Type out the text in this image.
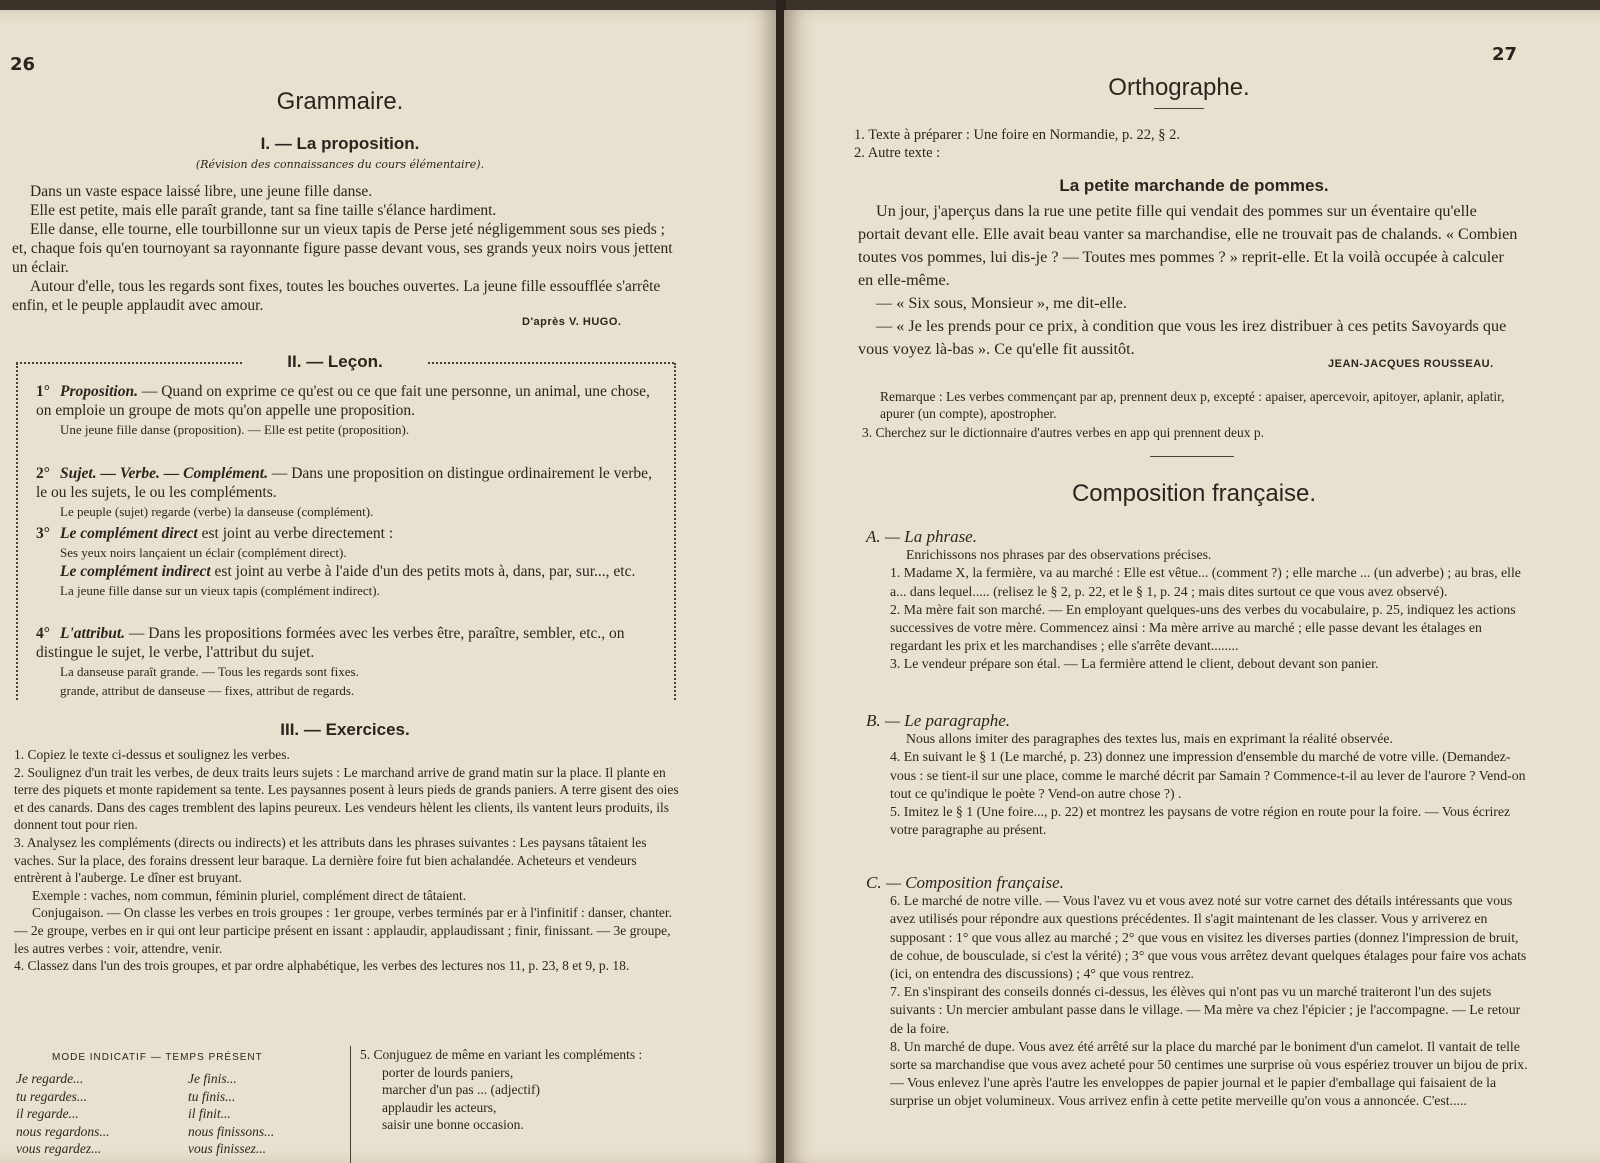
26
Grammaire.
I. — La proposition.
(Révision des connaissances du cours élémentaire).

Dans un vaste espace laissé libre, une jeune fille danse.

Elle est petite, mais elle paraît grande, tant sa fine taille s'élance hardiment.

Elle danse, elle tourne, elle tourbillonne sur un vieux tapis de Perse jeté négligemment sous ses pieds ; et, chaque fois qu'en tournoyant sa rayonnante figure passe devant vous, ses grands yeux noirs vous jettent un éclair.

Autour d'elle, tous les regards sont fixes, toutes les bouches ouvertes. La jeune fille essoufflée s'arrête enfin, et le peuple applaudit avec amour.

D'après V. HUGO.
II. — Leçon.
1° Proposition. — Quand on exprime ce qu'est ou ce que fait une personne, un animal, une chose, on emploie un groupe de mots qu'on appelle une proposition.
Une jeune fille danse (proposition). — Elle est petite (proposition).
2° Sujet. — Verbe. — Complément. — Dans une proposition on distingue ordinairement le verbe, le ou les sujets, le ou les compléments.
Le peuple (sujet) regarde (verbe) la danseuse (complément).
3° Le complément direct est joint au verbe directement :
Ses yeux noirs lançaient un éclair (complément direct).
Le complément indirect est joint au verbe à l'aide d'un des petits mots à, dans, par, sur..., etc.
La jeune fille danse sur un vieux tapis (complément indirect).
4° L'attribut. — Dans les propositions formées avec les verbes être, paraître, sembler, etc., on distingue le sujet, le verbe, l'attribut du sujet.
La danseuse paraît grande. — Tous les regards sont fixes.
grande, attribut de danseuse — fixes, attribut de regards.
III. — Exercices.

1. Copiez le texte ci-dessus et soulignez les verbes.

2. Soulignez d'un trait les verbes, de deux traits leurs sujets : Le marchand arrive de grand matin sur la place. Il plante en terre des piquets et monte rapidement sa tente. Les paysannes posent à leurs pieds de grands paniers. A terre gisent des oies et des canards. Dans des cages tremblent des lapins peureux. Les vendeurs hèlent les clients, ils vantent leurs produits, ils donnent tout pour rien.

3. Analysez les compléments (directs ou indirects) et les attributs dans les phrases suivantes : Les paysans tâtaient les vaches. Sur la place, des forains dressent leur baraque. La dernière foire fut bien achalandée. Acheteurs et vendeurs entrèrent à l'auberge. Le dîner est bruyant.

Exemple : vaches, nom commun, féminin pluriel, complément direct de tâtaient.

Conjugaison. — On classe les verbes en trois groupes : 1er groupe, verbes terminés par er à l'infinitif : danser, chanter. — 2e groupe, verbes en ir qui ont leur participe présent en issant : applaudir, applaudissant ; finir, finissant. — 3e groupe, les autres verbes : voir, attendre, venir.

4. Classez dans l'un des trois groupes, et par ordre alphabétique, les verbes des lectures nos 11, p. 23, 8 et 9, p. 18.

MODE INDICATIF — TEMPS PRÉSENT

Je regarde...

tu regardes...

il regarde...

nous regardons...

vous regardez...

Je finis...

tu finis...

il finit...

nous finissons...

vous finissez...

5. Conjuguez de même en variant les compléments :

porter de lourds paniers,

marcher d'un pas ... (adjectif)

applaudir les acteurs,

saisir une bonne occasion.

27
Orthographe.

1. Texte à préparer : Une foire en Normandie, p. 22, § 2.

2. Autre texte :

La petite marchande de pommes.

Un jour, j'aperçus dans la rue une petite fille qui vendait des pommes sur un éventaire qu'elle portait devant elle. Elle avait beau vanter sa marchandise, elle ne trouvait pas de chalands. « Combien toutes vos pommes, lui dis-je ? — Toutes mes pommes ? » reprit-elle. Et la voilà occupée à calculer en elle-même.

— « Six sous, Monsieur », me dit-elle.

— « Je les prends pour ce prix, à condition que vous les irez distribuer à ces petits Savoyards que vous voyez là-bas ». Ce qu'elle fit aussitôt.

JEAN-JACQUES ROUSSEAU.

Remarque : Les verbes commençant par ap, prennent deux p, excepté : apaiser, apercevoir, apitoyer, aplanir, aplatir, apurer (un compte), apostropher.

3. Cherchez sur le dictionnaire d'autres verbes en app qui prennent deux p.

Composition française.

A. — La phrase.

Enrichissons nos phrases par des observations précises.

1. Madame X, la fermière, va au marché : Elle est vêtue... (comment ?) ; elle marche ... (un adverbe) ; au bras, elle a... dans lequel..... (relisez le § 2, p. 22, et le § 1, p. 24 ; mais dites surtout ce que vous avez observé).

2. Ma mère fait son marché. — En employant quelques-uns des verbes du vocabulaire, p. 25, indiquez les actions successives de votre mère. Commencez ainsi : Ma mère arrive au marché ; elle passe devant les étalages en regardant les prix et les marchandises ; elle s'arrête devant........

3. Le vendeur prépare son étal. — La fermière attend le client, debout devant son panier.

B. — Le paragraphe.

Nous allons imiter des paragraphes des textes lus, mais en exprimant la réalité observée.

4. En suivant le § 1 (Le marché, p. 23) donnez une impression d'ensemble du marché de votre ville. (Demandez-vous : se tient-il sur une place, comme le marché décrit par Samain ? Commence-t-il au lever de l'aurore ? Vend-on tout ce qu'indique le poète ? Vend-on autre chose ?) .

5. Imitez le § 1 (Une foire..., p. 22) et montrez les paysans de votre région en route pour la foire. — Vous écrirez votre paragraphe au présent.

C. — Composition française.

6. Le marché de notre ville. — Vous l'avez vu et vous avez noté sur votre carnet des détails intéressants que vous avez utilisés pour répondre aux questions précédentes. Il s'agit maintenant de les classer. Vous y arriverez en supposant : 1° que vous allez au marché ; 2° que vous en visitez les diverses parties (donnez l'impression de bruit, de cohue, de bousculade, si c'est la vérité) ; 3° que vous vous arrêtez devant quelques étalages pour faire vos achats (ici, on entendra des discussions) ; 4° que vous rentrez.

7. En s'inspirant des conseils donnés ci-dessus, les élèves qui n'ont pas vu un marché traiteront l'un des sujets suivants : Un mercier ambulant passe dans le village. — Ma mère va chez l'épicier ; je l'accompagne. — Le retour de la foire.

8. Un marché de dupe. Vous avez été arrêté sur la place du marché par le boniment d'un camelot. Il vantait de telle sorte sa marchandise que vous avez acheté pour 50 centimes une surprise où vous espériez trouver un bijou de prix. — Vous enlevez l'une après l'autre les enveloppes de papier journal et le papier d'emballage qui faisaient de la surprise un objet volumineux. Vous arrivez enfin à cette petite merveille qu'on vous a annoncée. C'est.....
